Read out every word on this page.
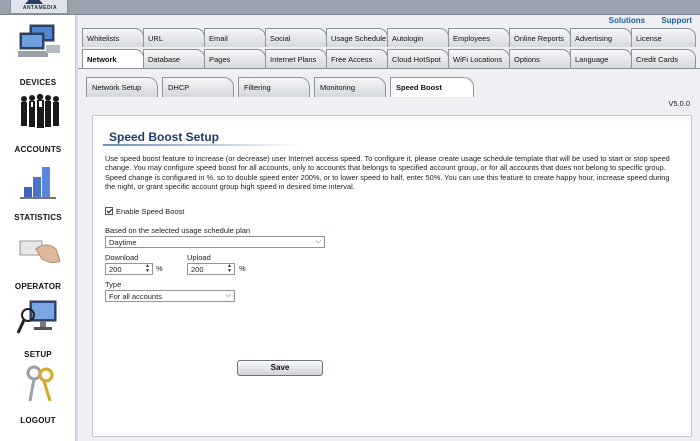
ANTAMEDIA
DEVICES
ACCOUNTS
STATISTICS
OPERATOR
SETUP
LOGOUT
Solutions Support
Whitelists	URL	Email	Social	Usage Schedule Autologin	Employees	Online Reports	Advertising	License
Network	Database	Pages	Internet Plans	Free Access	Cloud HotSpot	WiFi Locations	Options	Language	Credit Cards
Network Setup	DHCP	Filtering	Monitoring	Speed Boost
V5.0.0
Speed Boost Setup
Use speed boost feature to increase (or decrease) user Internet access speed. To configure it, please create usage schedule template that will be used to start or stop speed change. You may configure speed boost for all accounts, only to accounts that belongs to specified account group, or for all accounts that does not belong to specific group. Speed change is configured in %, so to double speed enter 200%, or to lower speed to half, enter 50%. You can use this feature to create happy hour, increase speed during the night, or grant specific account group high speed in desired time interval.
Enable Speed Boost
Based on the selected usage schedule plan
Daytime	⌵
Download
200	▲
▼ %
Upload
200	▲
▼ %
Type
For all accounts	⌵
Save
